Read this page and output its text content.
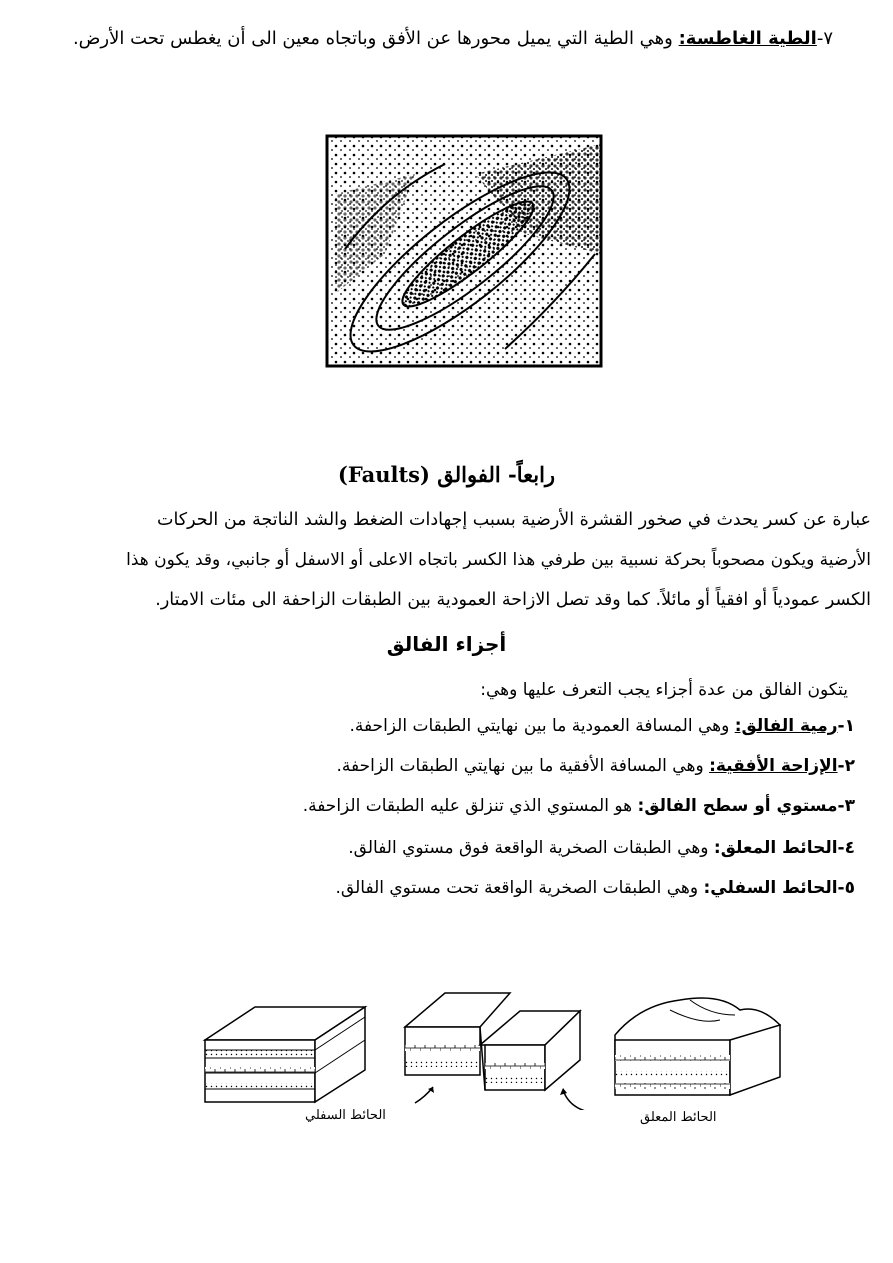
٧-الطية الغاطسة: وهي الطية التي يميل محورها عن الأفق وباتجاه معين الى أن يغطس تحت الأرض.
رابعاً- الفوالق (Faults)
عبارة عن كسر يحدث في صخور القشرة الأرضية بسبب إجهادات الضغط والشد الناتجة من الحركات
الأرضية ويكون مصحوباً بحركة نسبية بين طرفي هذا الكسر باتجاه الاعلى أو الاسفل أو جانبي، وقد يكون هذا
الكسر عمودياً أو افقياً أو مائلاً. كما وقد تصل الازاحة العمودية بين الطبقات الزاحفة الى مئات الامتار.
أجزاء الفالق
يتكون الفالق من عدة أجزاء يجب التعرف عليها وهي:
١-رمية الفالق: وهي المسافة العمودية ما بين نهايتي الطبقات الزاحفة.
٢-الإزاحة الأفقية: وهي المسافة الأفقية ما بين نهايتي الطبقات الزاحفة.
٣-مستوي أو سطح الفالق: هو المستوي الذي تنزلق عليه الطبقات الزاحفة.
٤-الحائط المعلق: وهي الطبقات الصخرية الواقعة فوق مستوي الفالق.
٥-الحائط السفلي: وهي الطبقات الصخرية الواقعة تحت مستوي الفالق.
الحائط السفلي	الحائط المعلق
